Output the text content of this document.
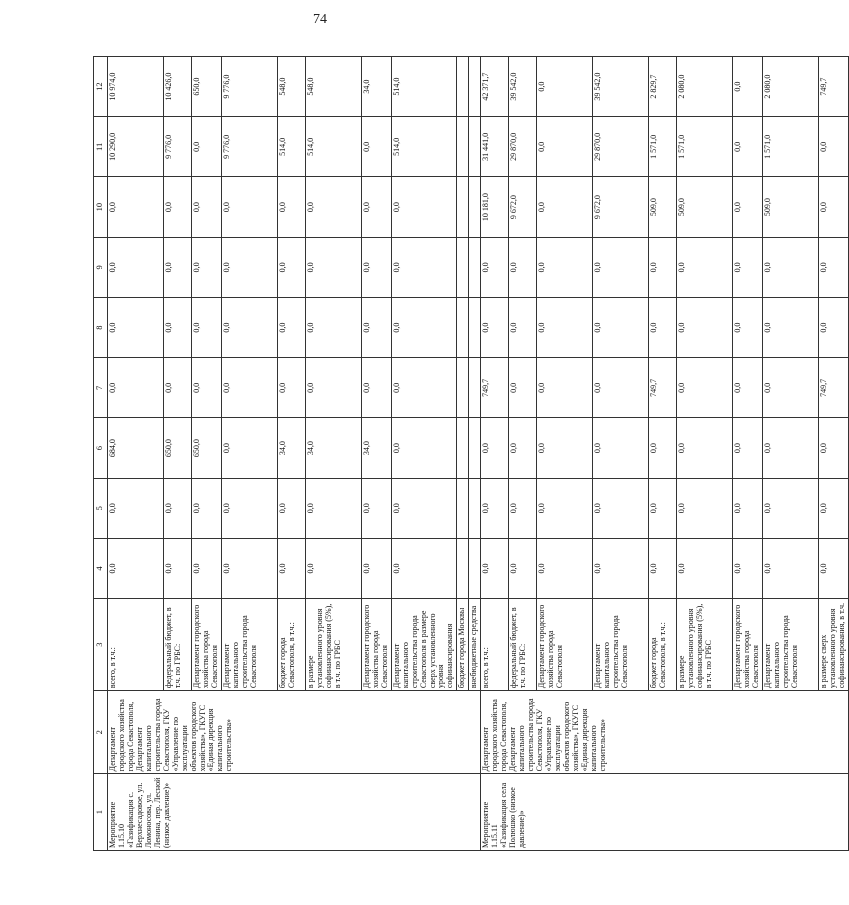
74
1	2	3	4	5	6	7	8	9	10	11	12
Мероприятие 1.15.10 «Газификация с. Верхнесадовое, ул. Ломоносова, ул. Ленина, пер. Лесной (низкое давление)»	Департамент городского хозяйства города Севастополя, Департамент капитального строительства города Севастополя, ГКУ «Управление по эксплуатации объектов городского хозяйства», ГКУГС «Единая дирекция капитального строительства»	всего, в т.ч.:	0,0	0,0	684,0	0,0	0,0	0,0	0,0	10 290,0	10 974,0
		федеральный бюджет, в т.ч. по ГРБС:	0,0	0,0	650,0	0,0	0,0	0,0	0,0	9 776,0	10 426,0
		Департамент городского хозяйства города Севастополя	0,0	0,0	650,0	0,0	0,0	0,0	0,0	0,0	650,0
		Департамент капитального строительства города Севастополя	0,0	0,0	0,0	0,0	0,0	0,0	0,0	9 776,0	9 776,0
		бюджет города Севастополя, в т.ч.:	0,0	0,0	34,0	0,0	0,0	0,0	0,0	514,0	548,0
		в размере установленного уровня софинансирования (5%), в т.ч. по ГРБС	0,0	0,0	34,0	0,0	0,0	0,0	0,0	514,0	548,0
		Департамент городского хозяйства города Севастополя	0,0	0,0	34,0	0,0	0,0	0,0	0,0	0,0	34,0
		Департамент капитального строительства города Севастополя в размере сверх установленного уровня софинансирования	0,0	0,0	0,0	0,0	0,0	0,0	0,0	514,0	514,0
		бюджет города Москвы									
		внебюджетные средства									
Мероприятие 1.15.11 «Газификация села Полюшко (низкое давление)»	Департамент городского хозяйства города Севастополя, Департамент капитального строительства города Севастополя, ГКУ «Управление по эксплуатации объектов городского хозяйства», ГКУГС «Единая дирекция капитального строительства»	всего, в т.ч.:	0,0	0,0	0,0	749,7	0,0	0,0	10 181,0	31 441,0	42 371,7
		федеральный бюджет, в т.ч. по ГРБС:	0,0	0,0	0,0	0,0	0,0	0,0	9 672,0	29 870,0	39 542,0
		Департамент городского хозяйства города Севастополя	0,0	0,0	0,0	0,0	0,0	0,0	0,0	0,0	0,0
		Департамент капитального строительства города Севастополя	0,0	0,0	0,0	0,0	0,0	0,0	9 672,0	29 870,0	39 542,0
		бюджет города Севастополя, в т.ч.:	0,0	0,0	0,0	749,7	0,0	0,0	509,0	1 571,0	2 829,7
		в размере установленного уровня софинансирования (5%), в т.ч. по ГРБС	0,0	0,0	0,0	0,0	0,0	0,0	509,0	1 571,0	2 080,0
		Департамент городского хозяйства города Севастополя	0,0	0,0	0,0	0,0	0,0	0,0	0,0	0,0	0,0
		Департамент капитального строительства города Севастополя	0,0	0,0	0,0	0,0	0,0	0,0	509,0	1 571,0	2 080,0
		в размере сверх установленного уровня софинансирования, в т.ч.	0,0	0,0	0,0	749,7	0,0	0,0	0,0	0,0	749,7
